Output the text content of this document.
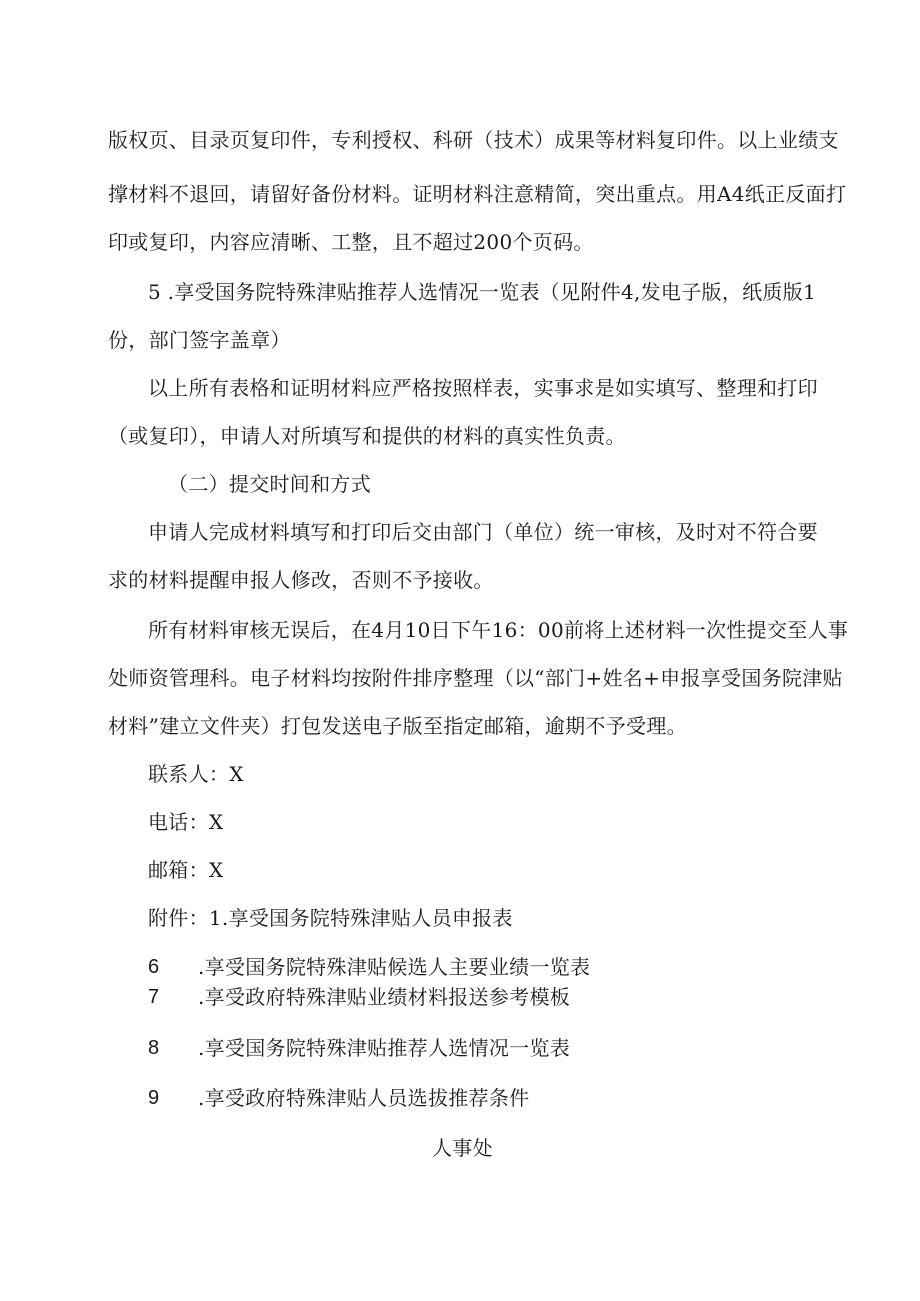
版权页、目录页复印件，专利授权、科研（技术）成果等材料复印件。以上业绩支
撑材料不退回，请留好备份材料。证明材料注意精简，突出重点。用A4纸正反面打
印或复印，内容应清晰、工整，且不超过200个页码。
5 .享受国务院特殊津贴推荐人选情况一览表（见附件4,发电子版，纸质版1
份，部门签字盖章）
以上所有表格和证明材料应严格按照样表，实事求是如实填写、整理和打印
（或复印），申请人对所填写和提供的材料的真实性负责。
（二）提交时间和方式
申请人完成材料填写和打印后交由部门（单位）统一审核，及时对不符合要
求的材料提醒申报人修改，否则不予接收。
所有材料审核无误后，在4月10日下午16：00前将上述材料一次性提交至人事
处师资管理科。电子材料均按附件排序整理（以“部门+姓名+申报享受国务院津贴
材料”建立文件夹）打包发送电子版至指定邮箱，逾期不予受理。
联系人：X
电话：X
邮箱：X
附件：1.享受国务院特殊津贴人员申报表
6 .享受国务院特殊津贴候选人主要业绩一览表
7 .享受政府特殊津贴业绩材料报送参考模板
8 .享受国务院特殊津贴推荐人选情况一览表
9 .享受政府特殊津贴人员选拔推荐条件
人事处
